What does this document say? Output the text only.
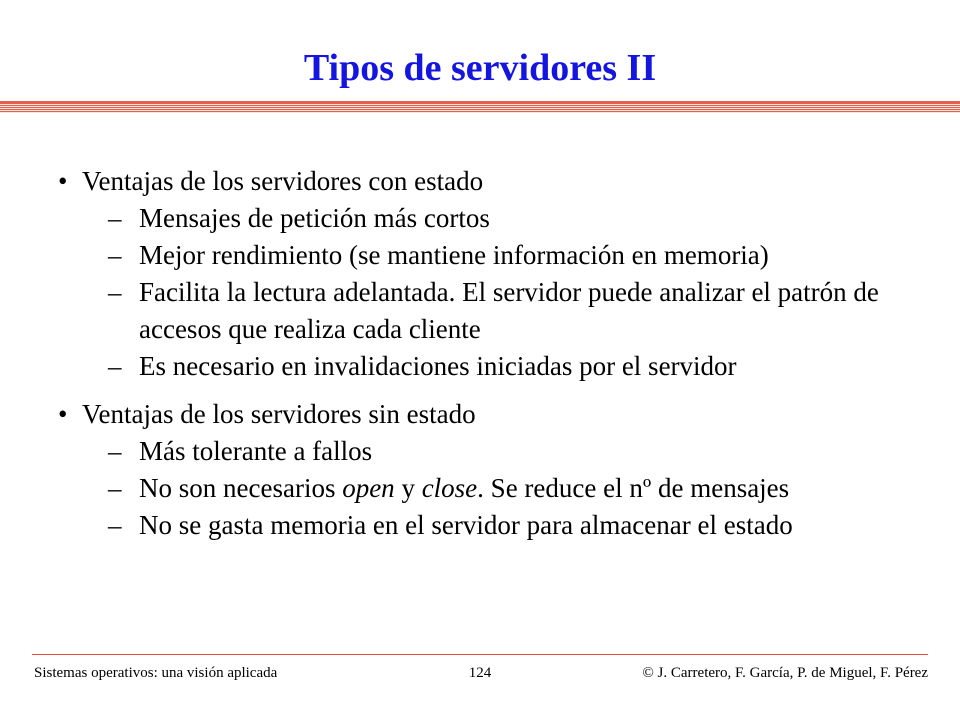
Tipos de servidores II
• Ventajas de los servidores con estado
– Mensajes de petición más cortos
– Mejor rendimiento (se mantiene información en memoria)
– Facilita la lectura adelantada. El servidor puede analizar el patrón de accesos que realiza cada cliente
– Es necesario en invalidaciones iniciadas por el servidor
• Ventajas de los servidores sin estado
– Más tolerante a fallos
– No son necesarios open y close. Se reduce el nº de mensajes
– No se gasta memoria en el servidor para almacenar el estado
Sistemas operativos: una visión aplicada	124	© J. Carretero, F. García, P. de Miguel, F. Pérez
